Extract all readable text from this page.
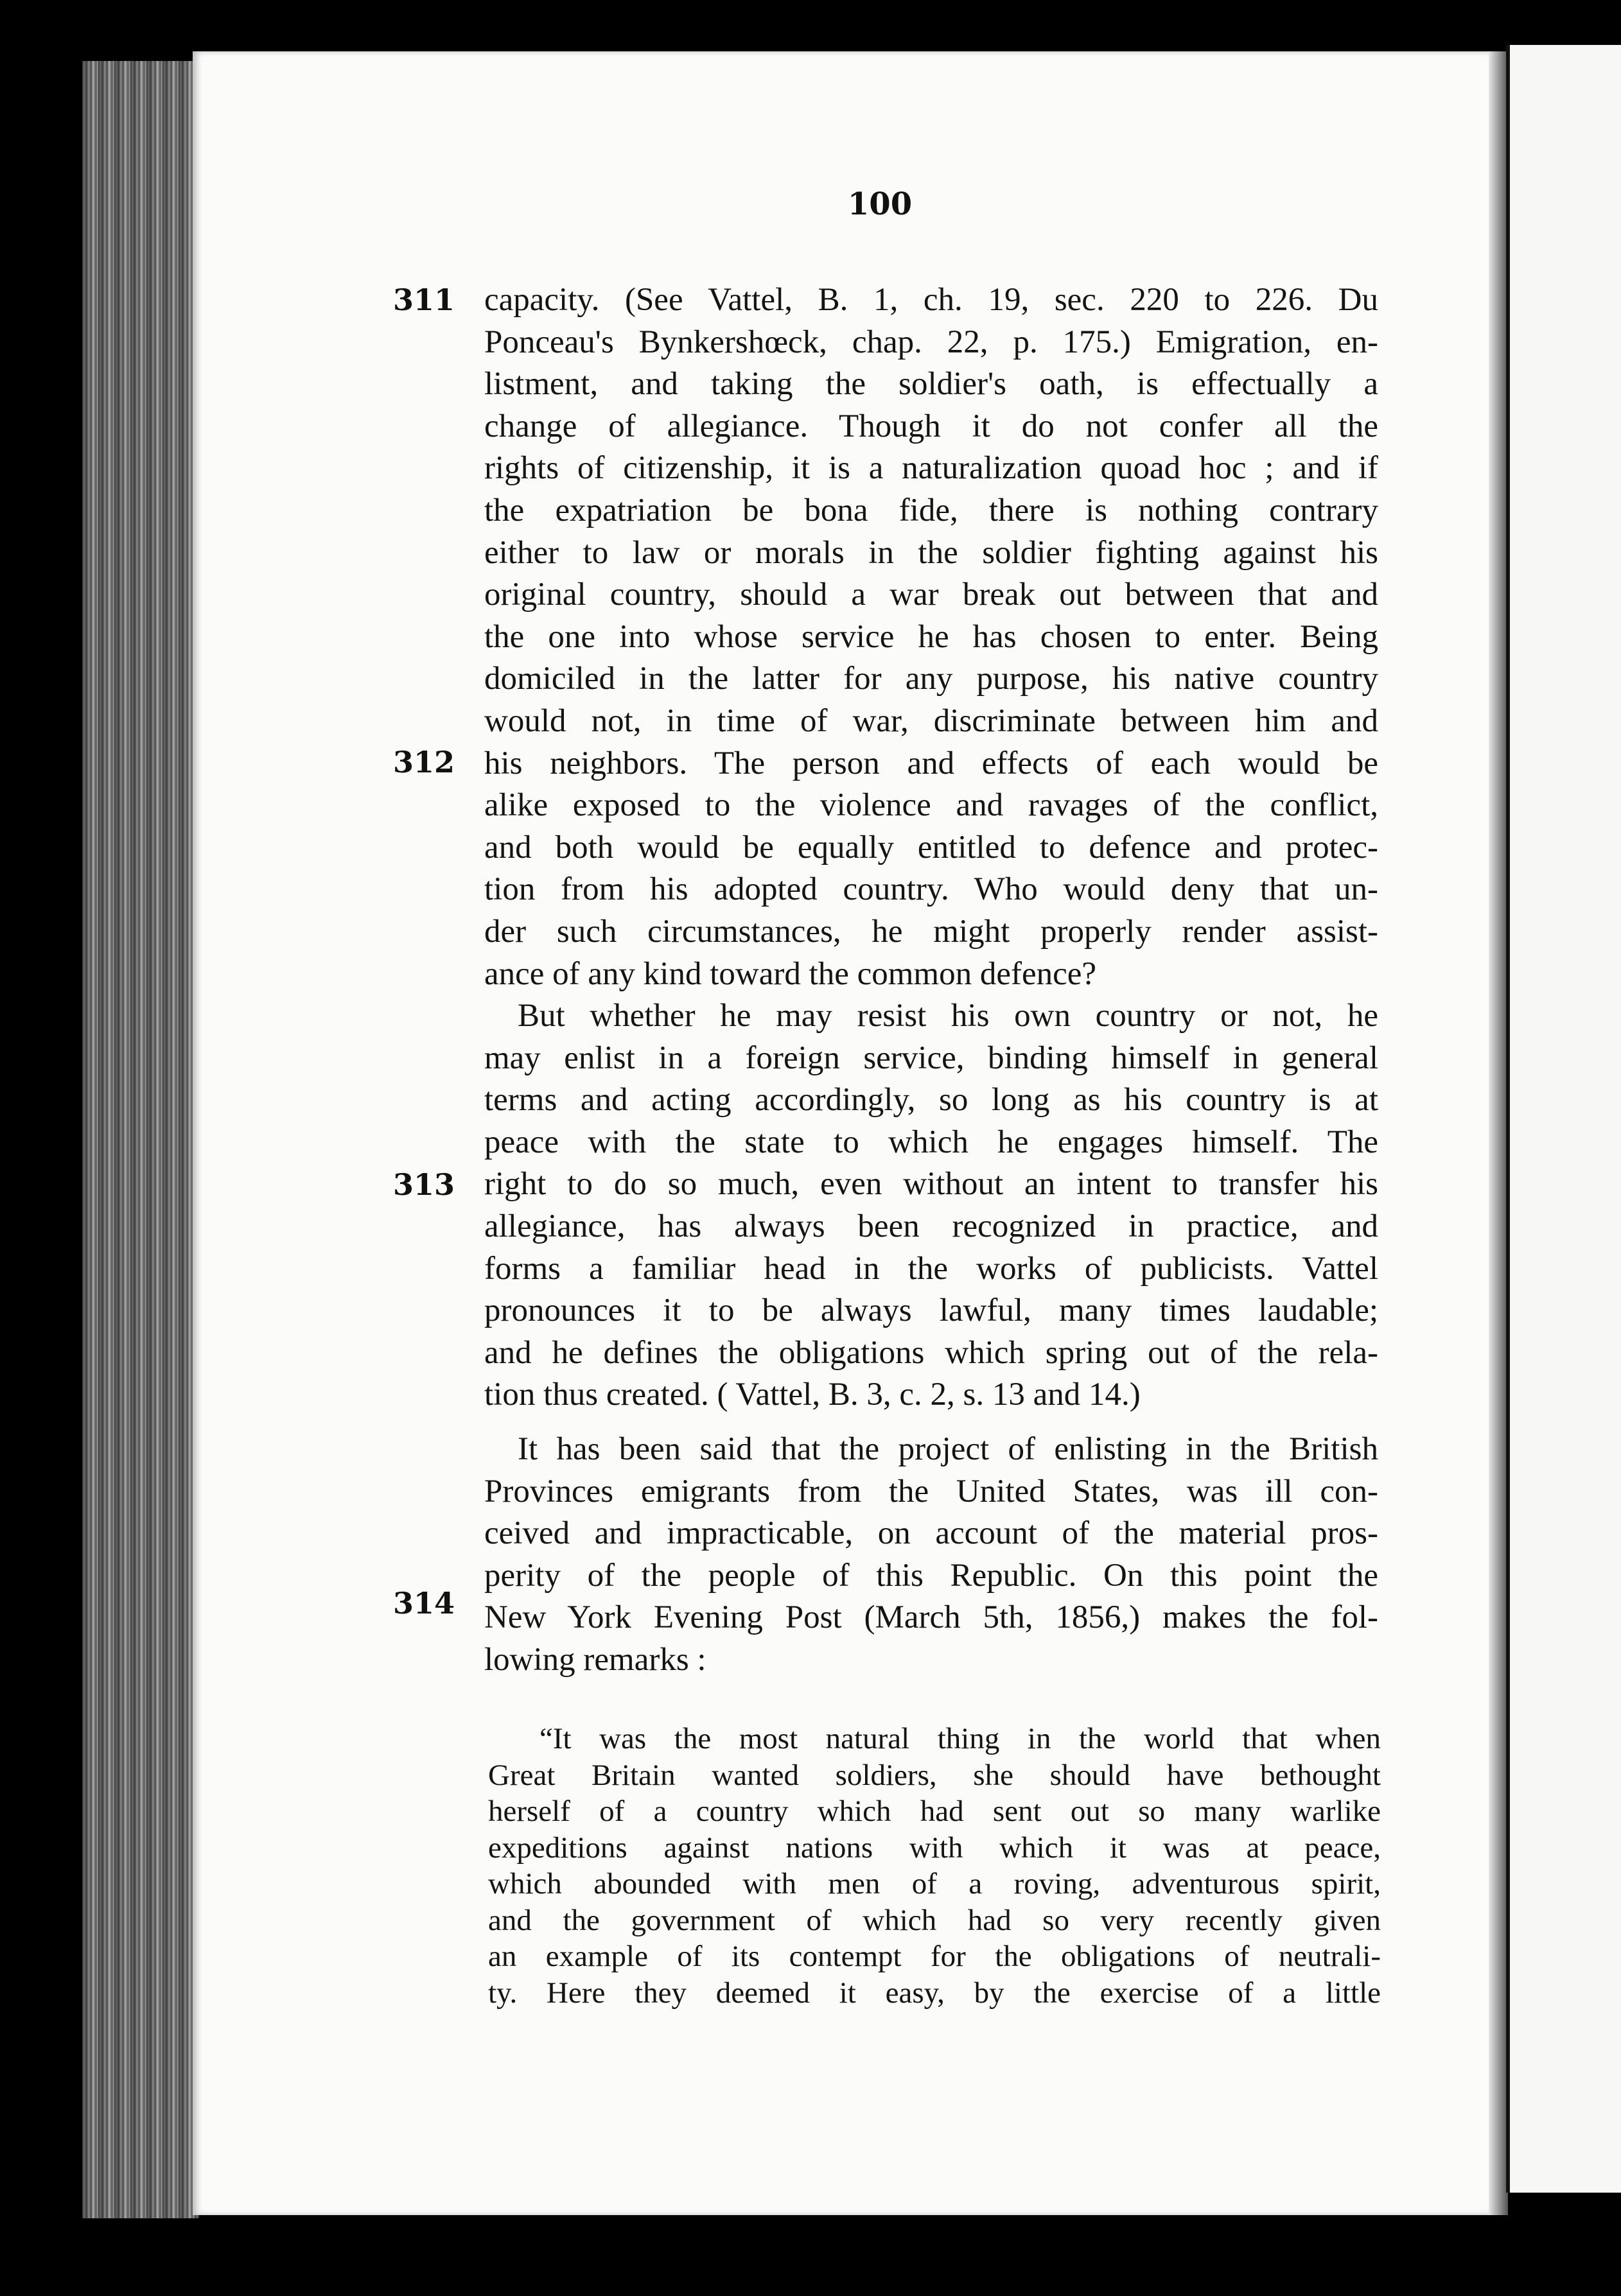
100
311
312
313
314
capacity. (See Vattel, B. 1, ch. 19, sec. 220 to 226. Du
Ponceau's Bynkershœck, chap. 22, p. 175.) Emigration, en-
listment, and taking the soldier's oath, is effectually a
change of allegiance. Though it do not confer all the
rights of citizenship, it is a naturalization quoad hoc ; and if
the expatriation be bona fide, there is nothing contrary
either to law or morals in the soldier fighting against his
original country, should a war break out between that and
the one into whose service he has chosen to enter. Being
domiciled in the latter for any purpose, his native country
would not, in time of war, discriminate between him and
his neighbors. The person and effects of each would be
alike exposed to the violence and ravages of the conflict,
and both would be equally entitled to defence and protec-
tion from his adopted country. Who would deny that un-
der such circumstances, he might properly render assist-
ance of any kind toward the common defence?
But whether he may resist his own country or not, he
may enlist in a foreign service, binding himself in general
terms and acting accordingly, so long as his country is at
peace with the state to which he engages himself. The
right to do so much, even without an intent to transfer his
allegiance, has always been recognized in practice, and
forms a familiar head in the works of publicists. Vattel
pronounces it to be always lawful, many times laudable;
and he defines the obligations which spring out of the rela-
tion thus created. ( Vattel, B. 3, c. 2, s. 13 and 14.)
It has been said that the project of enlisting in the British
Provinces emigrants from the United States, was ill con-
ceived and impracticable, on account of the material pros-
perity of the people of this Republic. On this point the
New York Evening Post (March 5th, 1856,) makes the fol-
lowing remarks :
“It was the most natural thing in the world that when
Great Britain wanted soldiers, she should have bethought
herself of a country which had sent out so many warlike
expeditions against nations with which it was at peace,
which abounded with men of a roving, adventurous spirit,
and the government of which had so very recently given
an example of its contempt for the obligations of neutrali-
ty. Here they deemed it easy, by the exercise of a little
